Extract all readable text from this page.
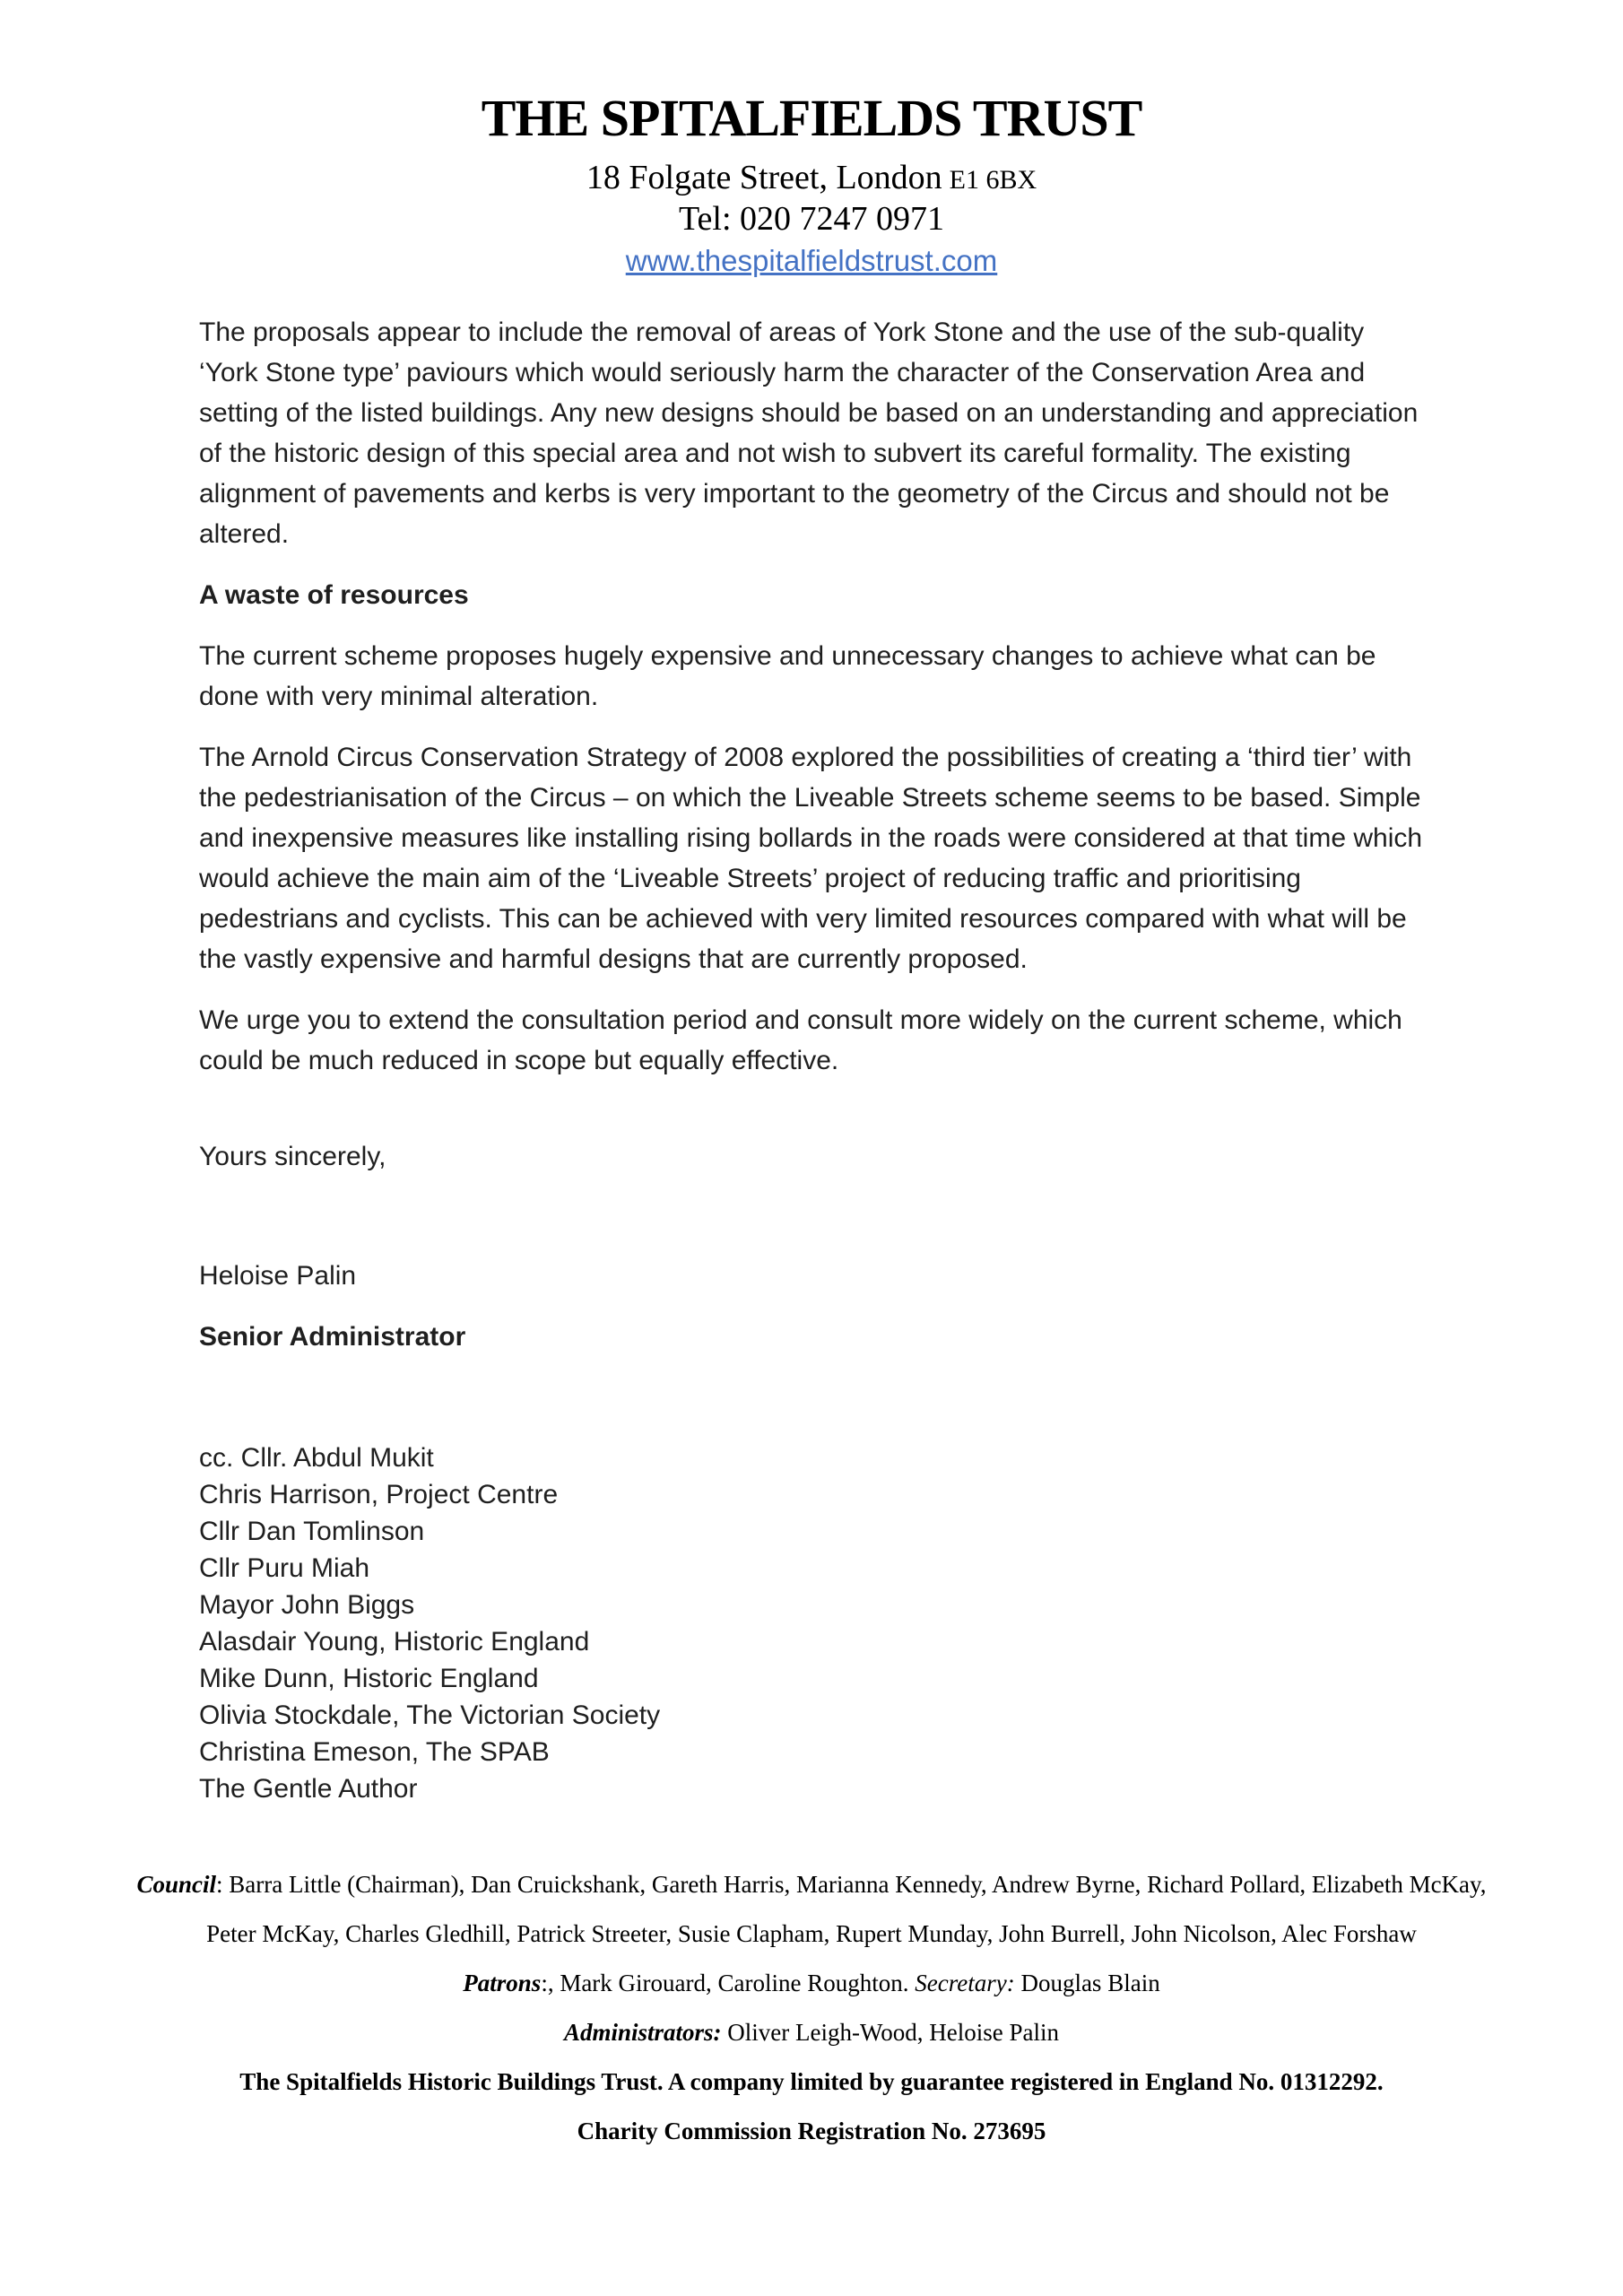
THE SPITALFIELDS TRUST
18 Folgate Street, London E1 6BX
Tel: 020 7247 0971
www.thespitalfieldstrust.com

The proposals appear to include the removal of areas of York Stone and the use of the sub-quality ‘York Stone type’ paviours which would seriously harm the character of the Conservation Area and setting of the listed buildings. Any new designs should be based on an understanding and appreciation of the historic design of this special area and not wish to subvert its careful formality. The existing alignment of pavements and kerbs is very important to the geometry of the Circus and should not be altered.

A waste of resources

The current scheme proposes hugely expensive and unnecessary changes to achieve what can be done with very minimal alteration.

The Arnold Circus Conservation Strategy of 2008 explored the possibilities of creating a ‘third tier’ with the pedestrianisation of the Circus – on which the Liveable Streets scheme seems to be based. Simple and inexpensive measures like installing rising bollards in the roads were considered at that time which would achieve the main aim of the ‘Liveable Streets’ project of reducing traffic and prioritising pedestrians and cyclists. This can be achieved with very limited resources compared with what will be the vastly expensive and harmful designs that are currently proposed.

We urge you to extend the consultation period and consult more widely on the current scheme, which could be much reduced in scope but equally effective.

Yours sincerely,

Heloise Palin

Senior Administrator

cc. Cllr. Abdul Mukit
Chris Harrison, Project Centre
Cllr Dan Tomlinson
Cllr Puru Miah
Mayor John Biggs
Alasdair Young, Historic England
Mike Dunn, Historic England
Olivia Stockdale, The Victorian Society
Christina Emeson, The SPAB
The Gentle Author

Council: Barra Little (Chairman), Dan Cruickshank, Gareth Harris, Marianna Kennedy, Andrew Byrne, Richard Pollard, Elizabeth McKay,

Peter McKay, Charles Gledhill, Patrick Streeter, Susie Clapham, Rupert Munday, John Burrell, John Nicolson, Alec Forshaw

Patrons:, Mark Girouard, Caroline Roughton. Secretary: Douglas Blain

Administrators: Oliver Leigh-Wood, Heloise Palin

The Spitalfields Historic Buildings Trust. A company limited by guarantee registered in England No. 01312292.

Charity Commission Registration No. 273695
